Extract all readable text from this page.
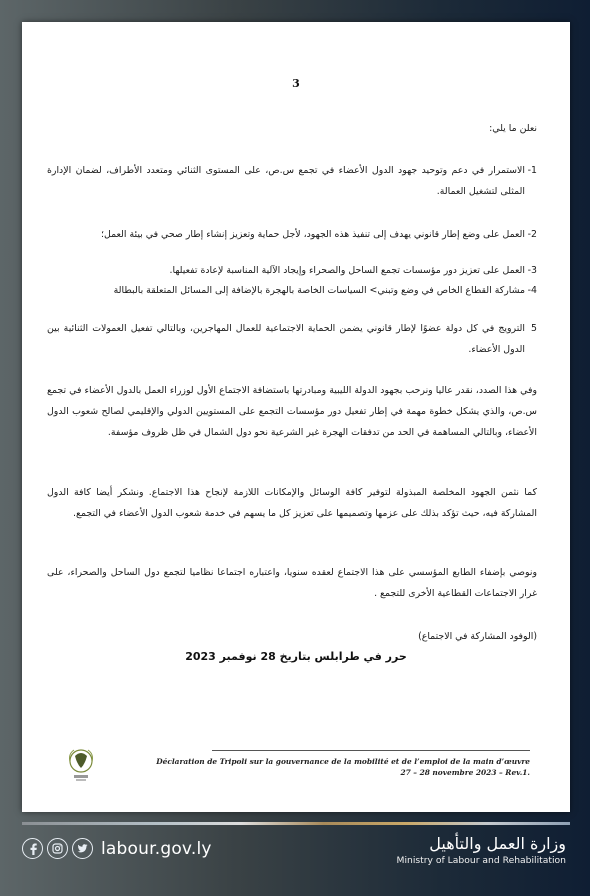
3
نعلن ما يلي:
1-
الاستمرار في دعم وتوحيد جهود الدول الأعضاء في تجمع س.ص، على المستوى الثنائي ومتعدد الأطراف، لضمان الإدارة المثلى لتشغيل العمالة.
2-
العمل على وضع إطار قانوني يهدف إلى تنفيذ هذه الجهود، لأجل حماية وتعزيز إنشاء إطار صحي في بيئة العمل؛
3-
العمل على تعزيز دور مؤسسات تجمع الساحل والصحراء وإيجاد الآلية المناسبة لإعادة تفعيلها.
4-
مشاركة القطاع الخاص في وضع وتبني> السياسات الخاصة بالهجرة بالإضافة إلى المسائل المتعلقة بالبطالة
5
الترويج في كل دولة عضوًا لإطار قانوني يضمن الحماية الاجتماعية للعمال المهاجرين، وبالتالي تفعيل العمولات الثنائية بين الدول الأعضاء.
وفي هذا الصدد، نقدر عاليا ونرحب بجهود الدولة الليبية ومبادرتها باستضافة الاجتماع الأول لوزراء العمل بالدول الأعضاء في تجمع س.ص، والذي يشكل خطوة مهمة في إطار تفعيل دور مؤسسات التجمع على المستويين الدولي والإقليمي لصالح شعوب الدول الأعضاء، وبالتالي المساهمة في الحد من تدفقات الهجرة غير الشرعية نحو دول الشمال في ظل ظروف مؤسفة.
كما نثمن الجهود المخلصة المبذولة لتوفير كافة الوسائل والإمكانات اللازمة لإنجاح هذا الاجتماع. ونشكر أيضا كافة الدول المشاركة فيه، حيث تؤكد بذلك على عزمها وتصميمها على تعزيز كل ما يسهم في خدمة شعوب الدول الأعضاء في التجمع.
ونوصي بإضفاء الطابع المؤسسي على هذا الاجتماع لعقده سنويا، واعتباره اجتماعا نظاميا لتجمع دول الساحل والصحراء، على غرار الاجتماعات القطاعية الأخرى للتجمع .
(الوفود المشاركة في الاجتماع)
حرر في طرابلس بتاريخ 28 نوفمبر 2023
Déclaration de Tripoli sur la gouvernance de la mobilité et de l’emploi de la main d’œuvre
27 – 28 novembre 2023 – Rev.1.
labour.gov.ly	وزارة العمل والتأهيل
Ministry of Labour and Rehabilitation
